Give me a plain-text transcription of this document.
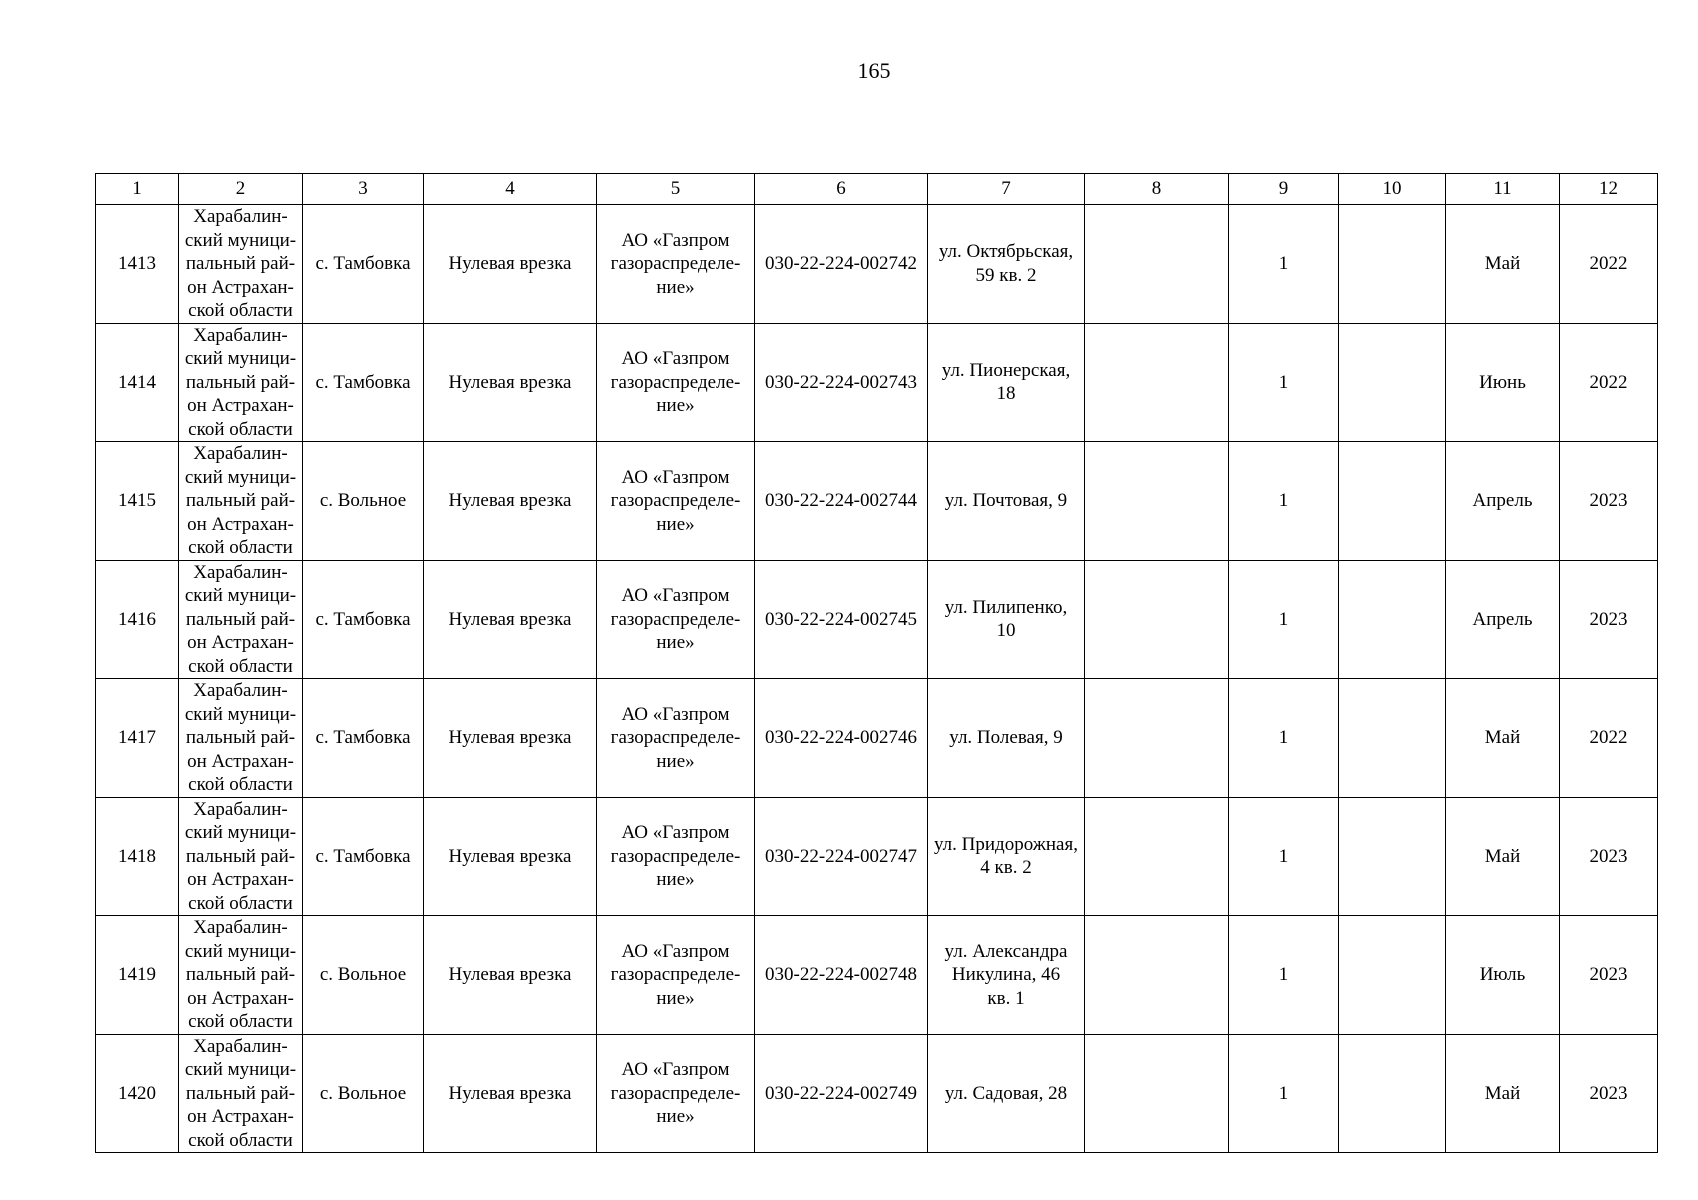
165
1	2	3	4	5	6	7	8	9	10	11	12
1413	Харабалин-
ский муници-
пальный рай-
он Астрахан-
ской области	с. Тамбовка	Нулевая врезка	АО «Газпром
газораспределе-
ние»	030-22-224-002742	ул. Октябрьская,
59 кв. 2		1		Май	2022
1414	Харабалин-
ский муници-
пальный рай-
он Астрахан-
ской области	с. Тамбовка	Нулевая врезка	АО «Газпром
газораспределе-
ние»	030-22-224-002743	ул. Пионерская,
18		1		Июнь	2022
1415	Харабалин-
ский муници-
пальный рай-
он Астрахан-
ской области	с. Вольное	Нулевая врезка	АО «Газпром
газораспределе-
ние»	030-22-224-002744	ул. Почтовая, 9		1		Апрель	2023
1416	Харабалин-
ский муници-
пальный рай-
он Астрахан-
ской области	с. Тамбовка	Нулевая врезка	АО «Газпром
газораспределе-
ние»	030-22-224-002745	ул. Пилипенко,
10		1		Апрель	2023
1417	Харабалин-
ский муници-
пальный рай-
он Астрахан-
ской области	с. Тамбовка	Нулевая врезка	АО «Газпром
газораспределе-
ние»	030-22-224-002746	ул. Полевая, 9		1		Май	2022
1418	Харабалин-
ский муници-
пальный рай-
он Астрахан-
ской области	с. Тамбовка	Нулевая врезка	АО «Газпром
газораспределе-
ние»	030-22-224-002747	ул. Придорожная,
4 кв. 2		1		Май	2023
1419	Харабалин-
ский муници-
пальный рай-
он Астрахан-
ской области	с. Вольное	Нулевая врезка	АО «Газпром
газораспределе-
ние»	030-22-224-002748	ул. Александра
Никулина, 46
кв. 1		1		Июль	2023
1420	Харабалин-
ский муници-
пальный рай-
он Астрахан-
ской области	с. Вольное	Нулевая врезка	АО «Газпром
газораспределе-
ние»	030-22-224-002749	ул. Садовая, 28		1		Май	2023
